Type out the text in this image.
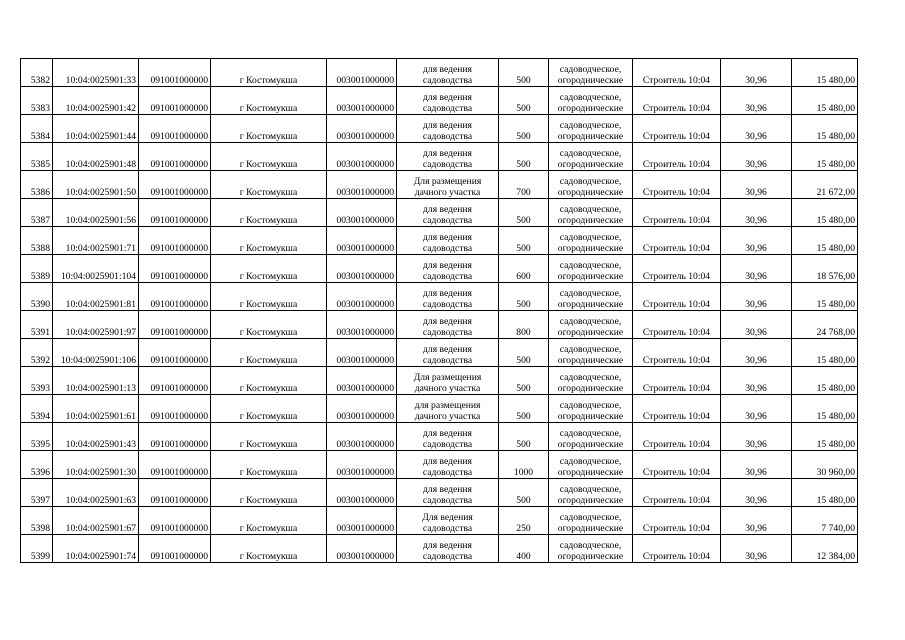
5382	10:04:0025901:33	091001000000	г Костомукша	003001000000	для ведения
садоводства	500	садоводческое,
огороднические	Строитель 10:04	30,96	15 480,00
5383	10:04:0025901:42	091001000000	г Костомукша	003001000000	для ведения
садоводства	500	садоводческое,
огороднические	Строитель 10:04	30,96	15 480,00
5384	10:04:0025901:44	091001000000	г Костомукша	003001000000	для ведения
садоводства	500	садоводческое,
огороднические	Строитель 10:04	30,96	15 480,00
5385	10:04:0025901:48	091001000000	г Костомукша	003001000000	для ведения
садоводства	500	садоводческое,
огороднические	Строитель 10:04	30,96	15 480,00
5386	10:04:0025901:50	091001000000	г Костомукша	003001000000	Для размещения
дачного участка	700	садоводческое,
огороднические	Строитель 10:04	30,96	21 672,00
5387	10:04:0025901:56	091001000000	г Костомукша	003001000000	для ведения
садоводства	500	садоводческое,
огороднические	Строитель 10:04	30,96	15 480,00
5388	10:04:0025901:71	091001000000	г Костомукша	003001000000	для ведения
садоводства	500	садоводческое,
огороднические	Строитель 10:04	30,96	15 480,00
5389	10:04:0025901:104	091001000000	г Костомукша	003001000000	для ведения
садоводства	600	садоводческое,
огороднические	Строитель 10:04	30,96	18 576,00
5390	10:04:0025901:81	091001000000	г Костомукша	003001000000	для ведения
садоводства	500	садоводческое,
огороднические	Строитель 10:04	30,96	15 480,00
5391	10:04:0025901:97	091001000000	г Костомукша	003001000000	для ведения
садоводства	800	садоводческое,
огороднические	Строитель 10:04	30,96	24 768,00
5392	10:04:0025901:106	091001000000	г Костомукша	003001000000	для ведения
садоводства	500	садоводческое,
огороднические	Строитель 10:04	30,96	15 480,00
5393	10:04:0025901:13	091001000000	г Костомукша	003001000000	Для размещения
дачного участка	500	садоводческое,
огороднические	Строитель 10:04	30,96	15 480,00
5394	10:04:0025901:61	091001000000	г Костомукша	003001000000	для размещения
дачного участка	500	садоводческое,
огороднические	Строитель 10:04	30,96	15 480,00
5395	10:04:0025901:43	091001000000	г Костомукша	003001000000	для ведения
садоводства	500	садоводческое,
огороднические	Строитель 10:04	30,96	15 480,00
5396	10:04:0025901:30	091001000000	г Костомукша	003001000000	для ведения
садоводства	1000	садоводческое,
огороднические	Строитель 10:04	30,96	30 960,00
5397	10:04:0025901:63	091001000000	г Костомукша	003001000000	для ведения
садоводства	500	садоводческое,
огороднические	Строитель 10:04	30,96	15 480,00
5398	10:04:0025901:67	091001000000	г Костомукша	003001000000	Для ведения
садоводства	250	садоводческое,
огороднические	Строитель 10:04	30,96	7 740,00
5399	10:04:0025901:74	091001000000	г Костомукша	003001000000	для ведения
садоводства	400	садоводческое,
огороднические	Строитель 10:04	30,96	12 384,00
